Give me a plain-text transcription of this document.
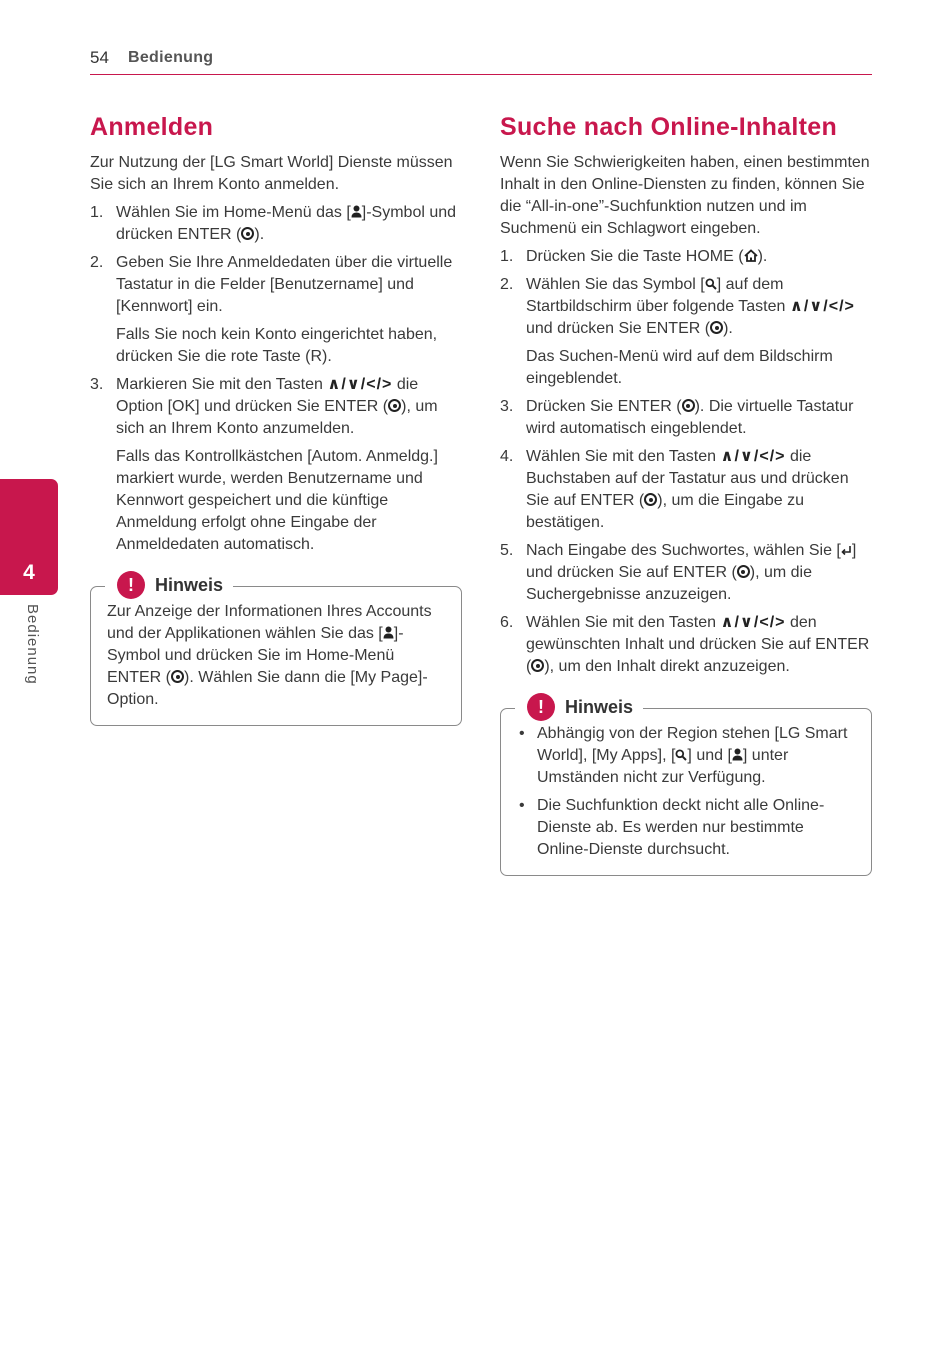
54 Bedienung
4
Bedienung
Anmelden

Zur Nutzung der [LG Smart World] Dienste müssen Sie sich an Ihrem Konto anmelden.

1. Wählen Sie im Home-Menü das [ ]-Symbol und drücken ENTER ( ).
2. Geben Sie Ihre Anmeldedaten über die virtuelle Tastatur in die Felder [Benutzername] und [Kennwort] ein.
Falls Sie noch kein Konto eingerichtet haben, drücken Sie die rote Taste (R).
3. Markieren Sie mit den Tasten ∧/∨/</> die Option [OK] und drücken Sie ENTER ( ), um sich an Ihrem Konto anzumelden.
Falls das Kontrollkästchen [Autom. Anmeldg.] markiert wurde, werden Benutzername und Kennwort gespeichert und die künftige Anmeldung erfolgt ohne Eingabe der Anmeldedaten automatisch.
!	Hinweis

Zur Anzeige der Informationen Ihres Accounts und der Applikationen wählen Sie das [ ]-Symbol und drücken Sie im Home-Menü ENTER ( ). Wählen Sie dann die [My Page]-Option.

Suche nach Online-Inhalten

Wenn Sie Schwierigkeiten haben, einen bestimmten Inhalt in den Online-Diensten zu finden, können Sie die “All-in-one”-Suchfunktion nutzen und im Suchmenü ein Schlagwort eingeben.

1. Drücken Sie die Taste HOME ( ).
2. Wählen Sie das Symbol [ ] auf dem Startbildschirm über folgende Tasten ∧/∨/</> und drücken Sie ENTER ( ).
Das Suchen-Menü wird auf dem Bildschirm eingeblendet.
3. Drücken Sie ENTER ( ). Die virtuelle Tastatur wird automatisch eingeblendet.
4. Wählen Sie mit den Tasten ∧/∨/</> die Buchstaben auf der Tastatur aus und drücken Sie auf ENTER ( ), um die Eingabe zu bestätigen.
5. Nach Eingabe des Suchwortes, wählen Sie [ ] und drücken Sie auf ENTER ( ), um die Suchergebnisse anzuzeigen.
6. Wählen Sie mit den Tasten ∧/∨/</> den gewünschten Inhalt und drücken Sie auf ENTER ( ), um den Inhalt direkt anzuzeigen.
!	Hinweis
• Abhängig von der Region stehen [LG Smart World], [My Apps], [ ] und [ ] unter Umständen nicht zur Verfügung.
• Die Suchfunktion deckt nicht alle Online-Dienste ab. Es werden nur bestimmte Online-Dienste durchsucht.
